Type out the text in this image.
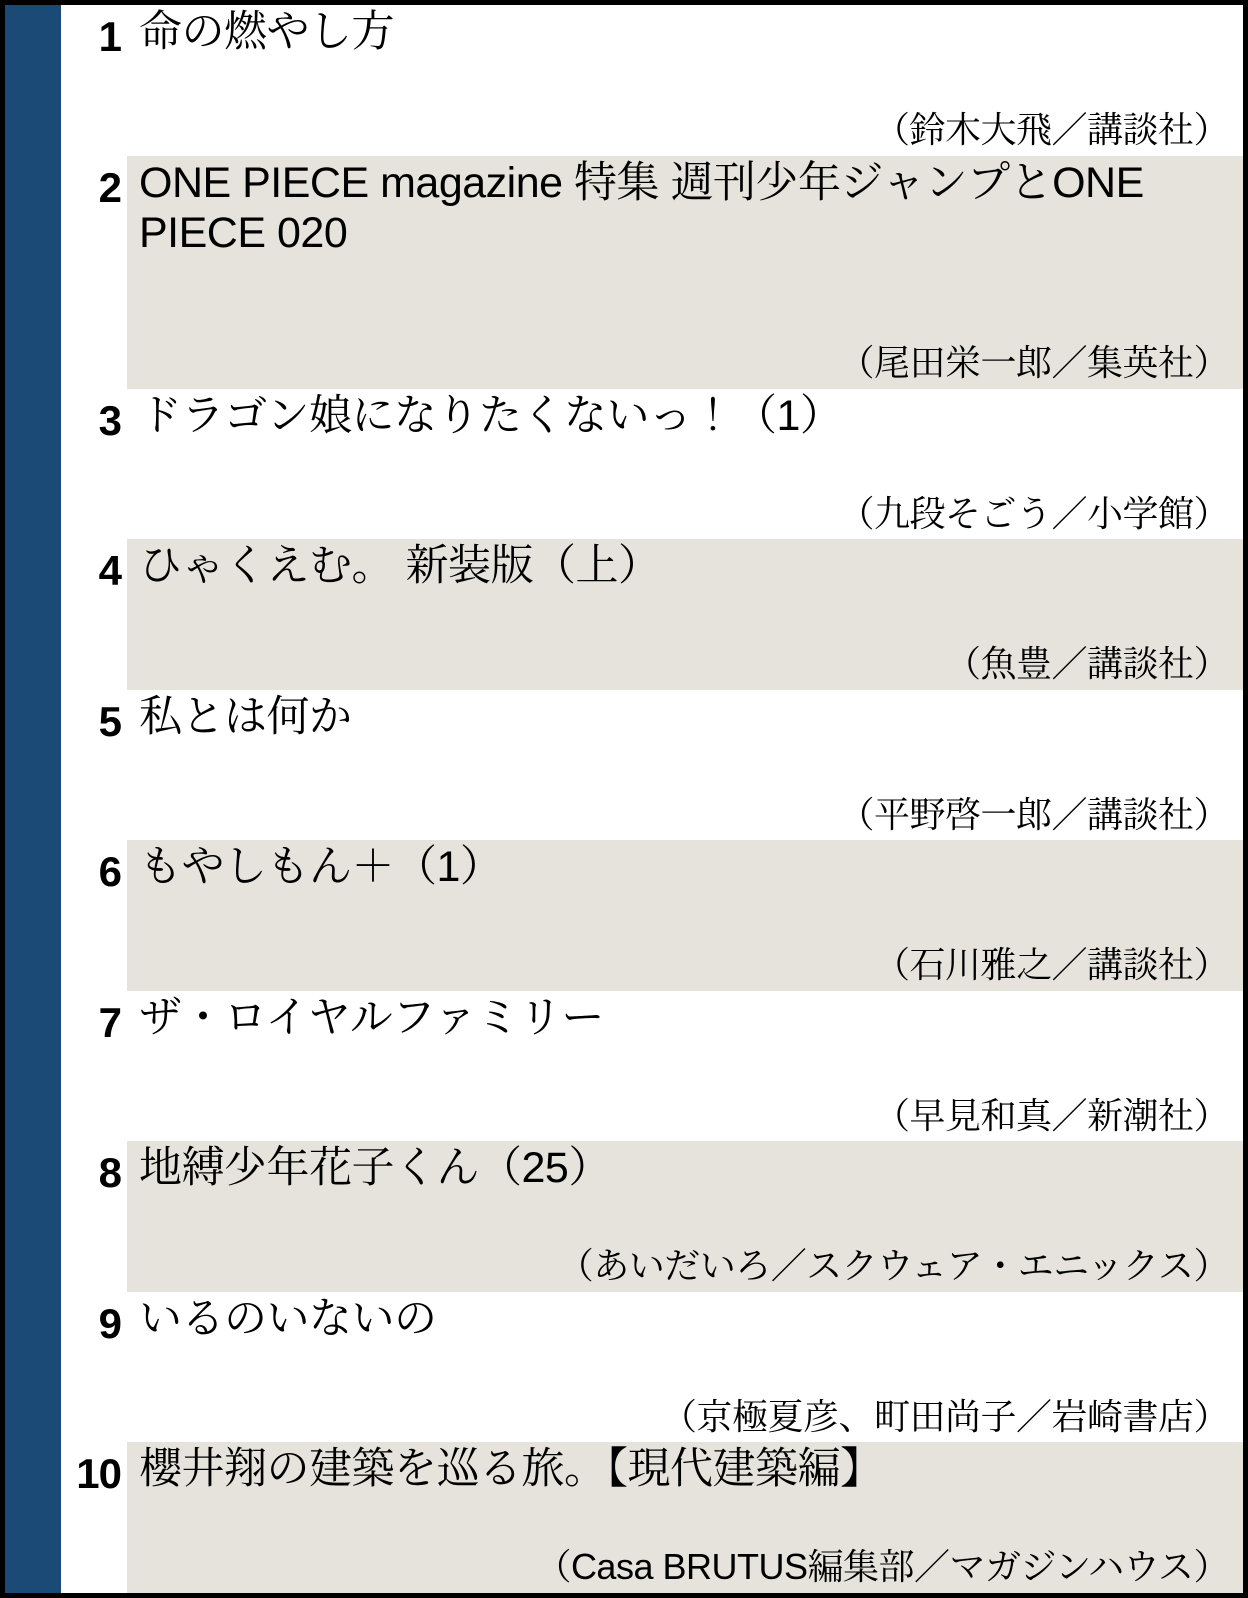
1 命の燃やし方
（鈴木大飛／講談社）
2 ONE PIECE magazine 特集 週刊少年ジャンプとONE PIECE 020
（尾田栄一郎／集英社）
3 ドラゴン娘になりたくないっ！（1）
（九段そごう／小学館）
4 ひゃくえむ。 新装版（上）
（魚豊／講談社）
5 私とは何か
（平野啓一郎／講談社）
6 もやしもん＋（1）
（石川雅之／講談社）
7 ザ・ロイヤルファミリー
（早見和真／新潮社）
8 地縛少年花子くん（25）
（あいだいろ／スクウェア・エニックス）
9 いるのいないの
（京極夏彦、町田尚子／岩崎書店）
10 櫻井翔の建築を巡る旅。【現代建築編】
（Casa BRUTUS編集部／マガジンハウス）
